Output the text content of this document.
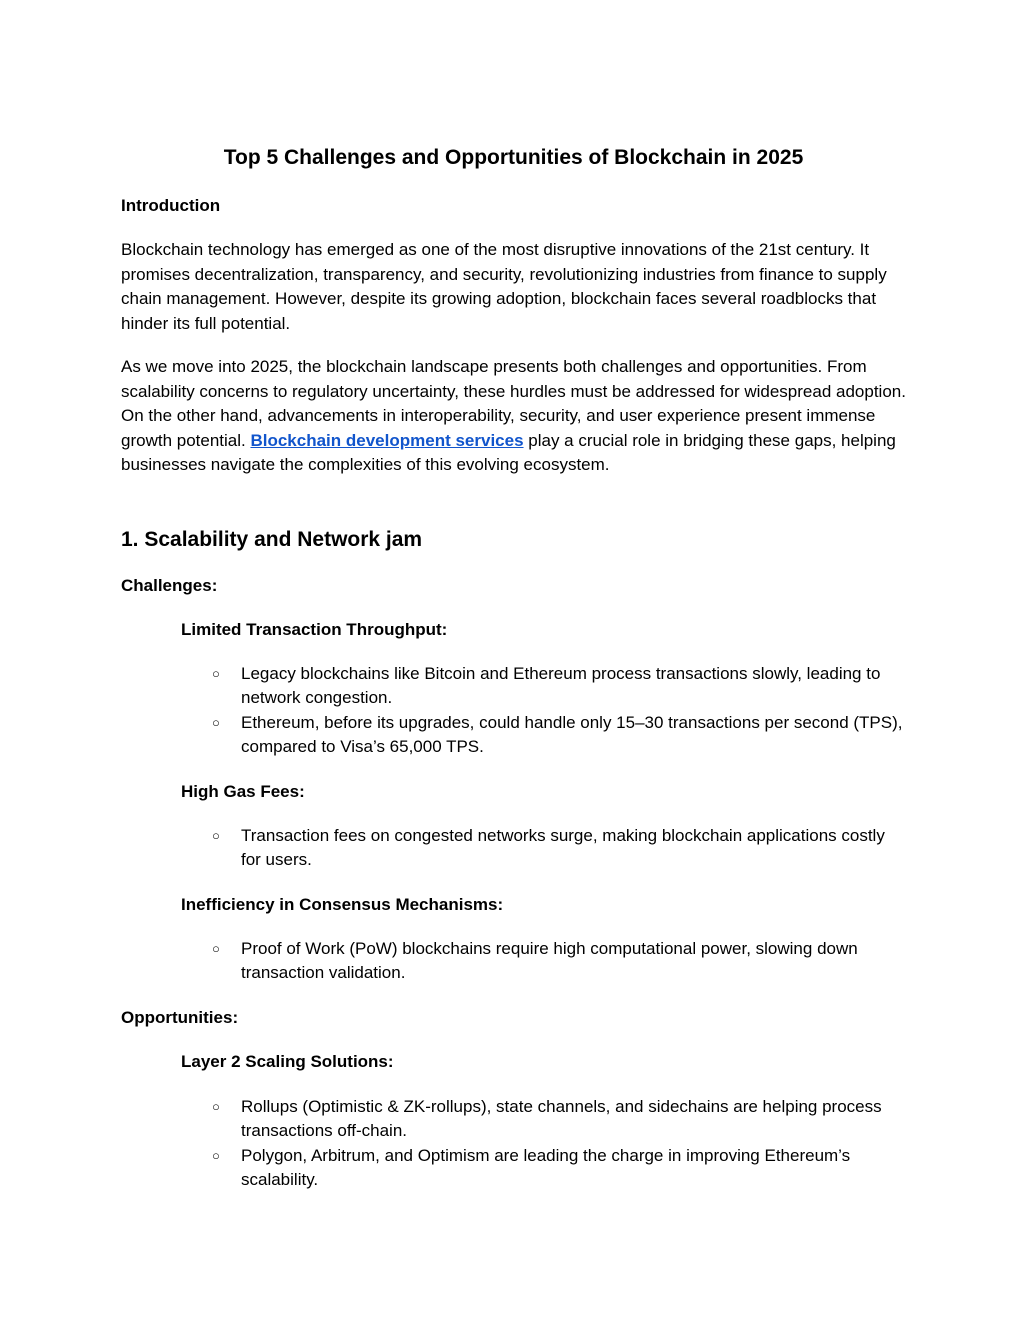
Top 5 Challenges and Opportunities of Blockchain in 2025
Introduction

Blockchain technology has emerged as one of the most disruptive innovations of the 21st century. It promises decentralization, transparency, and security, revolutionizing industries from finance to supply chain management. However, despite its growing adoption, blockchain faces several roadblocks that hinder its full potential.

As we move into 2025, the blockchain landscape presents both challenges and opportunities. From scalability concerns to regulatory uncertainty, these hurdles must be addressed for widespread adoption. On the other hand, advancements in interoperability, security, and user experience present immense growth potential. Blockchain development services play a crucial role in bridging these gaps, helping businesses navigate the complexities of this evolving ecosystem.

1. Scalability and Network jam
Challenges:
Limited Transaction Throughput:
○ Legacy blockchains like Bitcoin and Ethereum process transactions slowly, leading to network congestion.
○ Ethereum, before its upgrades, could handle only 15–30 transactions per second (TPS), compared to Visa’s 65,000 TPS.
High Gas Fees:
○ Transaction fees on congested networks surge, making blockchain applications costly for users.
Inefficiency in Consensus Mechanisms:
○ Proof of Work (PoW) blockchains require high computational power, slowing down transaction validation.
Opportunities:
Layer 2 Scaling Solutions:
○ Rollups (Optimistic & ZK-rollups), state channels, and sidechains are helping process transactions off-chain.
○ Polygon, Arbitrum, and Optimism are leading the charge in improving Ethereum’s scalability.
